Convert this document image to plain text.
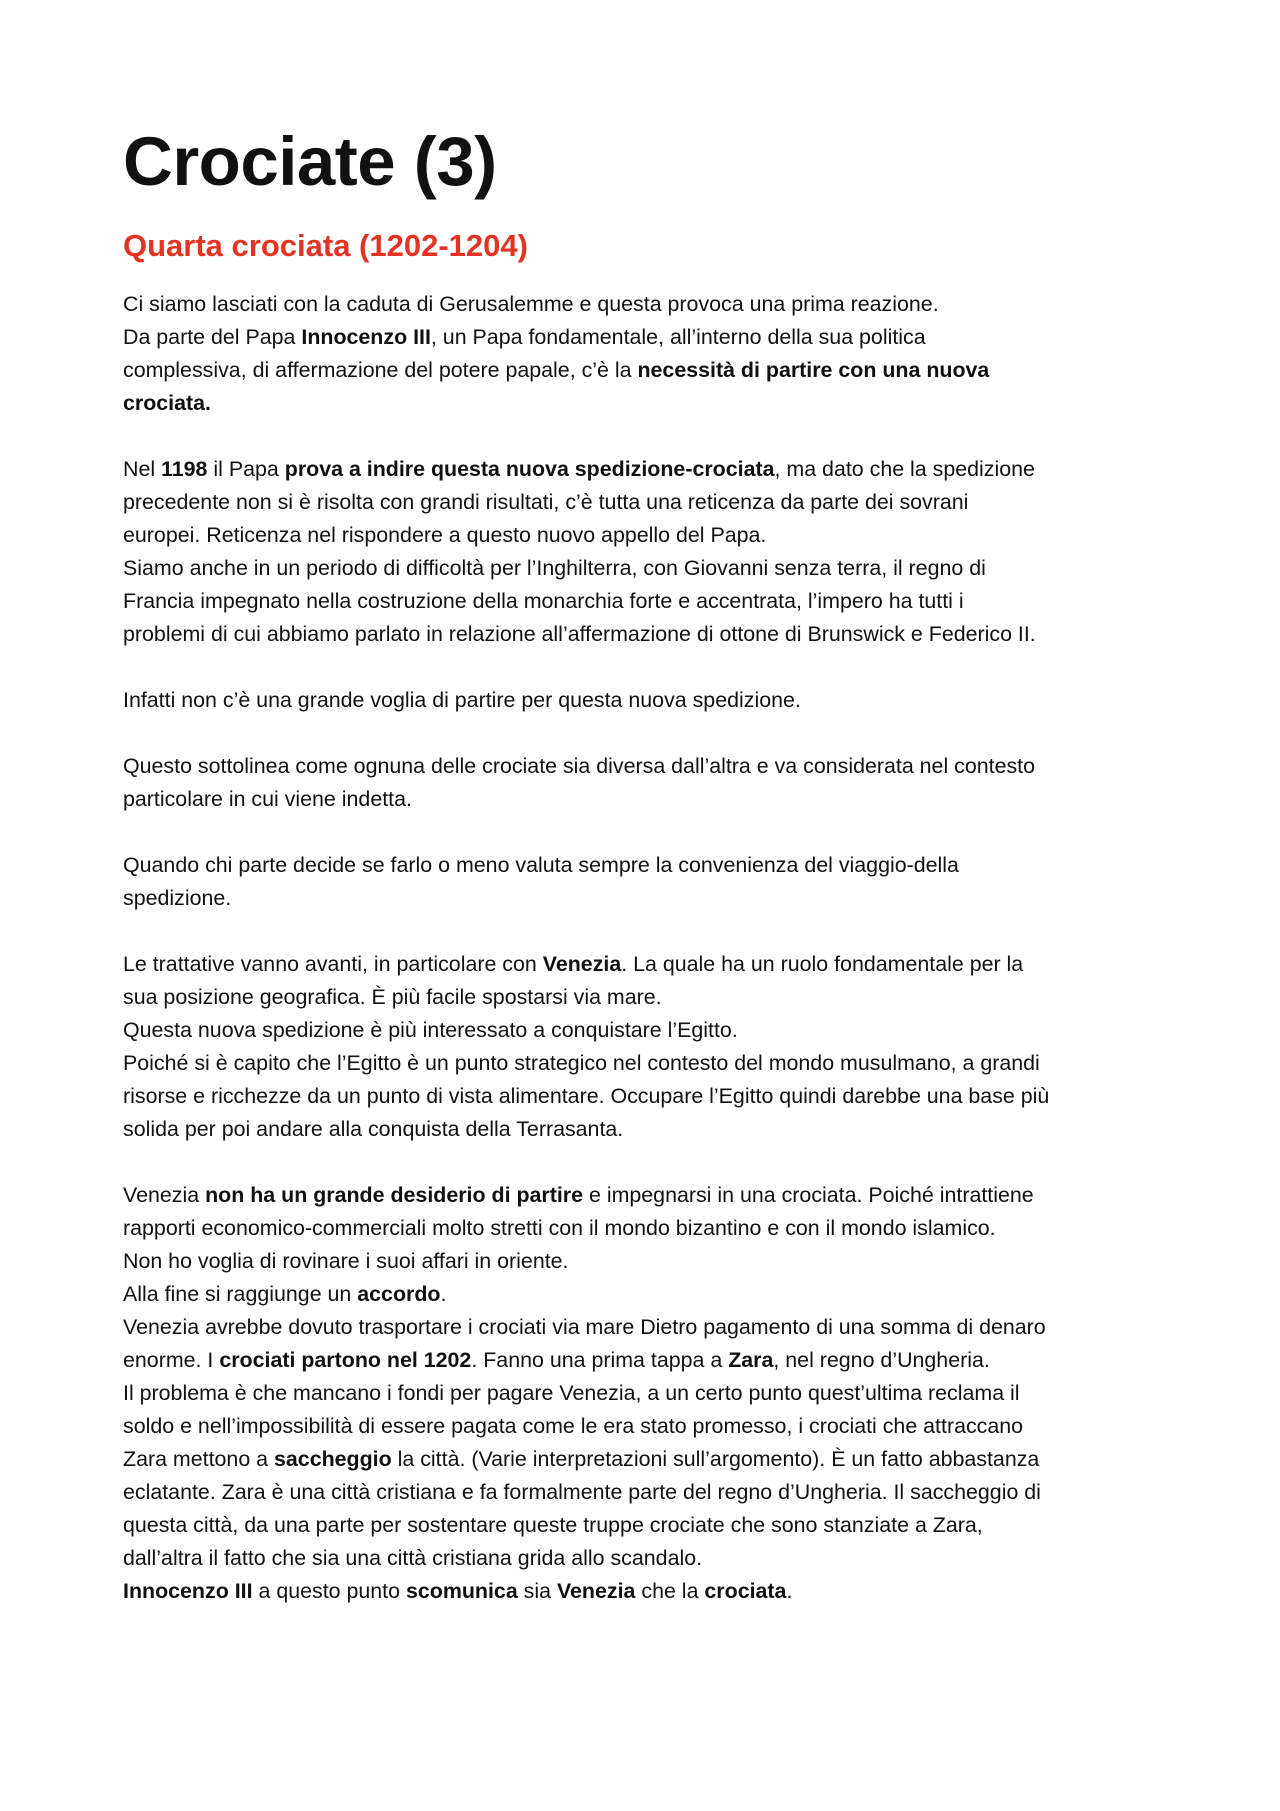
Crociate (3)
Quarta crociata (1202-1204)
Ci siamo lasciati con la caduta di Gerusalemme e questa provoca una prima reazione.
Da parte del Papa Innocenzo III, un Papa fondamentale, all’interno della sua politica
complessiva, di affermazione del potere papale, c’è la necessità di partire con una nuova
crociata.
Nel 1198 il Papa prova a indire questa nuova spedizione-crociata, ma dato che la spedizione
precedente non si è risolta con grandi risultati, c’è tutta una reticenza da parte dei sovrani
europei. Reticenza nel rispondere a questo nuovo appello del Papa.
Siamo anche in un periodo di difficoltà per l’Inghilterra, con Giovanni senza terra, il regno di
Francia impegnato nella costruzione della monarchia forte e accentrata, l’impero ha tutti i
problemi di cui abbiamo parlato in relazione all’affermazione di ottone di Brunswick e Federico II.
Infatti non c’è una grande voglia di partire per questa nuova spedizione.
Questo sottolinea come ognuna delle crociate sia diversa dall’altra e va considerata nel contesto
particolare in cui viene indetta.
Quando chi parte decide se farlo o meno valuta sempre la convenienza del viaggio-della
spedizione.
Le trattative vanno avanti, in particolare con Venezia. La quale ha un ruolo fondamentale per la
sua posizione geografica. È più facile spostarsi via mare.
Questa nuova spedizione è più interessato a conquistare l’Egitto.
Poiché si è capito che l’Egitto è un punto strategico nel contesto del mondo musulmano, a grandi
risorse e ricchezze da un punto di vista alimentare. Occupare l’Egitto quindi darebbe una base più
solida per poi andare alla conquista della Terrasanta.
Venezia non ha un grande desiderio di partire e impegnarsi in una crociata. Poiché intrattiene
rapporti economico-commerciali molto stretti con il mondo bizantino e con il mondo islamico.
Non ho voglia di rovinare i suoi affari in oriente.
Alla fine si raggiunge un accordo.
Venezia avrebbe dovuto trasportare i crociati via mare Dietro pagamento di una somma di denaro
enorme. I crociati partono nel 1202. Fanno una prima tappa a Zara, nel regno d’Ungheria.
Il problema è che mancano i fondi per pagare Venezia, a un certo punto quest’ultima reclama il
soldo e nell’impossibilità di essere pagata come le era stato promesso, i crociati che attraccano
Zara mettono a saccheggio la città. (Varie interpretazioni sull’argomento). È un fatto abbastanza
eclatante. Zara è una città cristiana e fa formalmente parte del regno d’Ungheria. Il saccheggio di
questa città, da una parte per sostentare queste truppe crociate che sono stanziate a Zara,
dall’altra il fatto che sia una città cristiana grida allo scandalo.
Innocenzo III a questo punto scomunica sia Venezia che la crociata.
